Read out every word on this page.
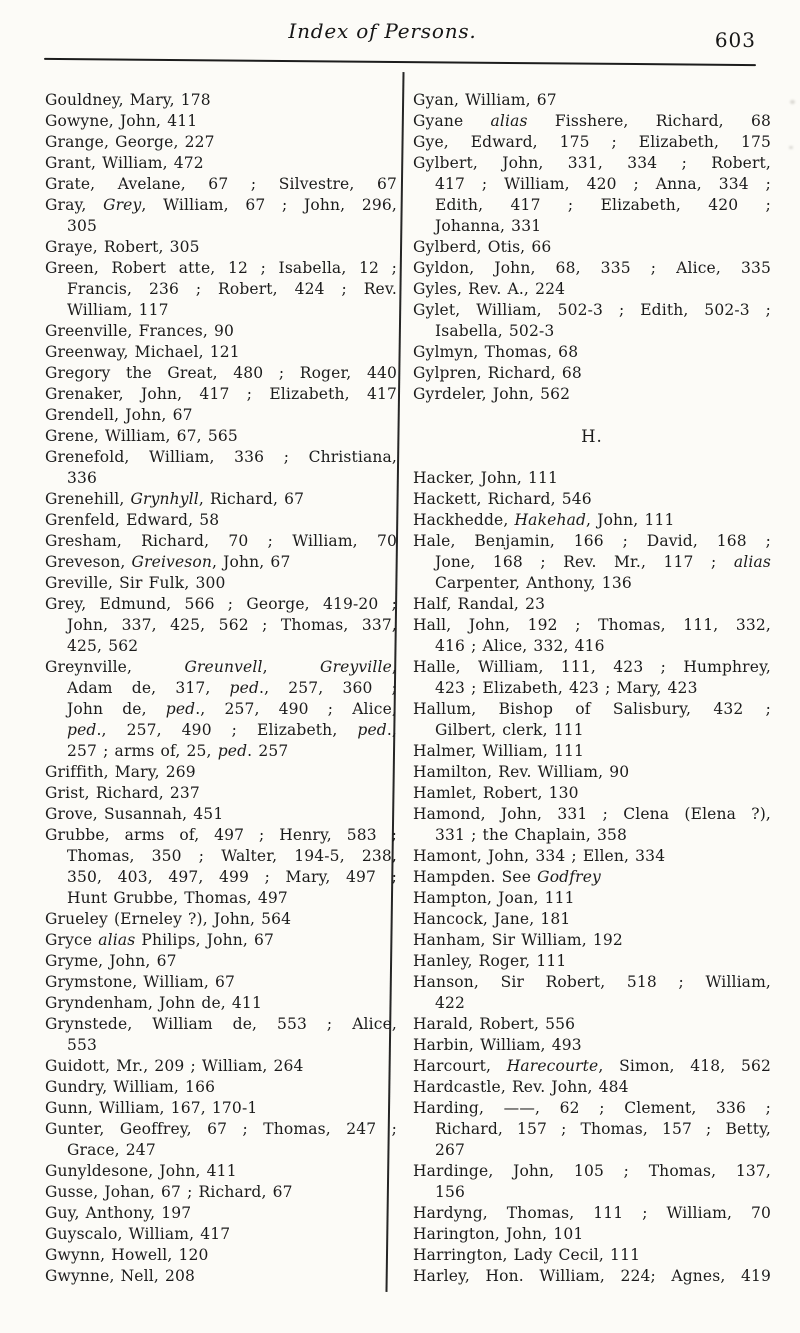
Index of Persons.	603
Gouldney, Mary, 178
Gowyne, John, 411
Grange, George, 227
Grant, William, 472
Grate, Avelane, 67 ; Silvestre, 67
Gray, Grey, William, 67 ; John, 296,
305
Graye, Robert, 305
Green, Robert atte, 12 ; Isabella, 12 ;
Francis, 236 ; Robert, 424 ; Rev.
William, 117
Greenville, Frances, 90
Greenway, Michael, 121
Gregory the Great, 480 ; Roger, 440
Grenaker, John, 417 ; Elizabeth, 417
Grendell, John, 67
Grene, William, 67, 565
Grenefold, William, 336 ; Christiana,
336
Grenehill, Grynhyll, Richard, 67
Grenfeld, Edward, 58
Gresham, Richard, 70 ; William, 70
Greveson, Greiveson, John, 67
Greville, Sir Fulk, 300
Grey, Edmund, 566 ; George, 419-20 ;
John, 337, 425, 562 ; Thomas, 337,
425, 562
Greynville, Greunvell, Greyville,
Adam de, 317, ped., 257, 360 ;
John de, ped., 257, 490 ; Alice,
ped., 257, 490 ; Elizabeth, ped.,
257 ; arms of, 25, ped. 257
Griffith, Mary, 269
Grist, Richard, 237
Grove, Susannah, 451
Grubbe, arms of, 497 ; Henry, 583 ;
Thomas, 350 ; Walter, 194-5, 238,
350, 403, 497, 499 ; Mary, 497 ;
Hunt Grubbe, Thomas, 497
Grueley (Erneley ?), John, 564
Gryce alias Philips, John, 67
Gryme, John, 67
Grymstone, William, 67
Gryndenham, John de, 411
Grynstede, William de, 553 ; Alice,
553
Guidott, Mr., 209 ; William, 264
Gundry, William, 166
Gunn, William, 167, 170-1
Gunter, Geoffrey, 67 ; Thomas, 247 ;
Grace, 247
Gunyldesone, John, 411
Gusse, Johan, 67 ; Richard, 67
Guy, Anthony, 197
Guyscalo, William, 417
Gwynn, Howell, 120
Gwynne, Nell, 208
Gyan, William, 67
Gyane alias Fisshere, Richard, 68
Gye, Edward, 175 ; Elizabeth, 175
Gylbert, John, 331, 334 ; Robert,
417 ; William, 420 ; Anna, 334 ;
Edith, 417 ; Elizabeth, 420 ;
Johanna, 331
Gylberd, Otis, 66
Gyldon, John, 68, 335 ; Alice, 335
Gyles, Rev. A., 224
Gylet, William, 502-3 ; Edith, 502-3 ;
Isabella, 502-3
Gylmyn, Thomas, 68
Gylpren, Richard, 68
Gyrdeler, John, 562
H.
Hacker, John, 111
Hackett, Richard, 546
Hackhedde, Hakehad, John, 111
Hale, Benjamin, 166 ; David, 168 ;
Jone, 168 ; Rev. Mr., 117 ; alias
Carpenter, Anthony, 136
Half, Randal, 23
Hall, John, 192 ; Thomas, 111, 332,
416 ; Alice, 332, 416
Halle, William, 111, 423 ; Humphrey,
423 ; Elizabeth, 423 ; Mary, 423
Hallum, Bishop of Salisbury, 432 ;
Gilbert, clerk, 111
Halmer, William, 111
Hamilton, Rev. William, 90
Hamlet, Robert, 130
Hamond, John, 331 ; Clena (Elena ?),
331 ; the Chaplain, 358
Hamont, John, 334 ; Ellen, 334
Hampden. See Godfrey
Hampton, Joan, 111
Hancock, Jane, 181
Hanham, Sir William, 192
Hanley, Roger, 111
Hanson, Sir Robert, 518 ; William,
422
Harald, Robert, 556
Harbin, William, 493
Harcourt, Harecourte, Simon, 418, 562
Hardcastle, Rev. John, 484
Harding, ——, 62 ; Clement, 336 ;
Richard, 157 ; Thomas, 157 ; Betty,
267
Hardinge, John, 105 ; Thomas, 137,
156
Hardyng, Thomas, 111 ; William, 70
Harington, John, 101
Harrington, Lady Cecil, 111
Harley, Hon. William, 224; Agnes, 419
